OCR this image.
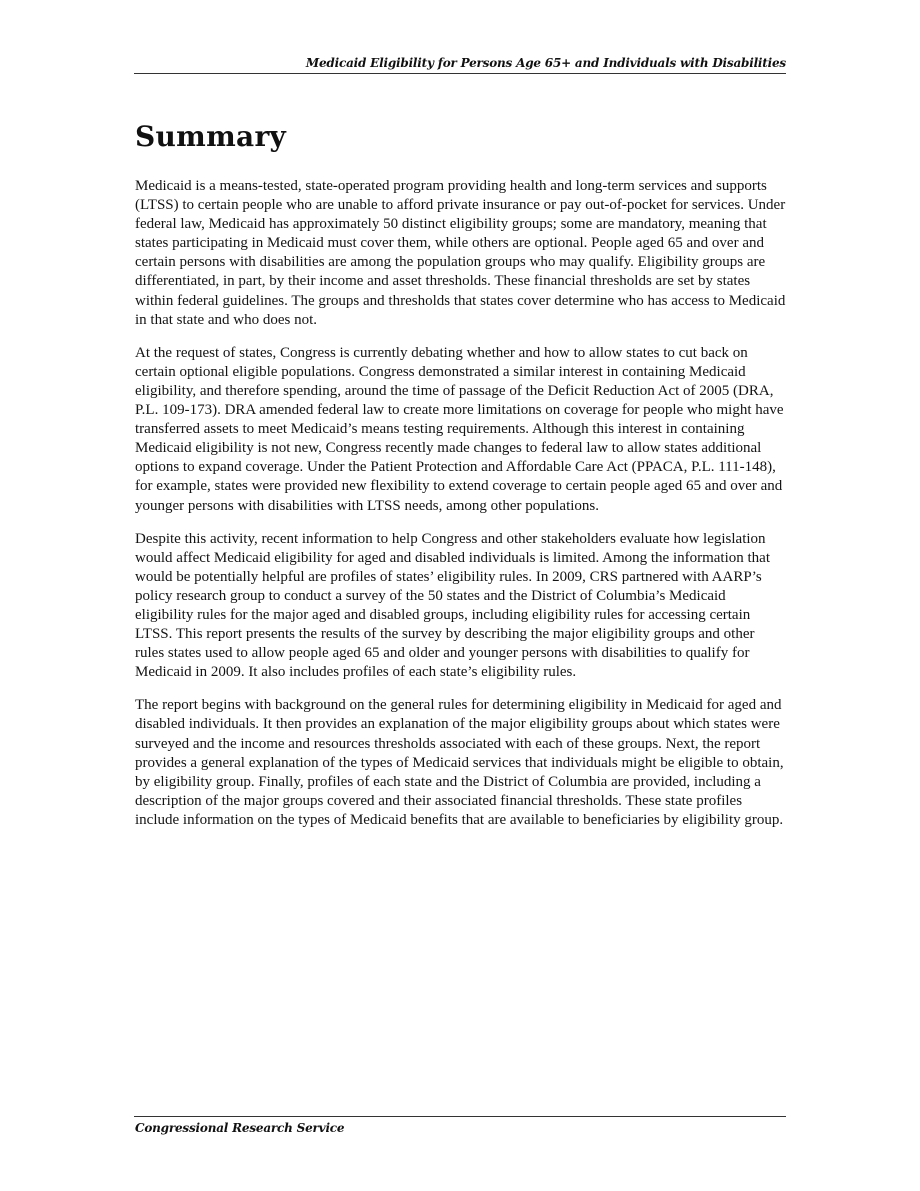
Medicaid Eligibility for Persons Age 65+ and Individuals with Disabilities
Summary

Medicaid is a means-tested, state-operated program providing health and long-term services and supports (LTSS) to certain people who are unable to afford private insurance or pay out-of-pocket for services. Under federal law, Medicaid has approximately 50 distinct eligibility groups; some are mandatory, meaning that states participating in Medicaid must cover them, while others are optional. People aged 65 and over and certain persons with disabilities are among the population groups who may qualify. Eligibility groups are differentiated, in part, by their income and asset thresholds. These financial thresholds are set by states within federal guidelines. The groups and thresholds that states cover determine who has access to Medicaid in that state and who does not.

At the request of states, Congress is currently debating whether and how to allow states to cut back on certain optional eligible populations. Congress demonstrated a similar interest in containing Medicaid eligibility, and therefore spending, around the time of passage of the Deficit Reduction Act of 2005 (DRA, P.L. 109-173). DRA amended federal law to create more limitations on coverage for people who might have transferred assets to meet Medicaid’s means testing requirements. Although this interest in containing Medicaid eligibility is not new, Congress recently made changes to federal law to allow states additional options to expand coverage. Under the Patient Protection and Affordable Care Act (PPACA, P.L. 111-148), for example, states were provided new flexibility to extend coverage to certain people aged 65 and over and younger persons with disabilities with LTSS needs, among other populations.

Despite this activity, recent information to help Congress and other stakeholders evaluate how legislation would affect Medicaid eligibility for aged and disabled individuals is limited. Among the information that would be potentially helpful are profiles of states’ eligibility rules. In 2009, CRS partnered with AARP’s policy research group to conduct a survey of the 50 states and the District of Columbia’s Medicaid eligibility rules for the major aged and disabled groups, including eligibility rules for accessing certain LTSS. This report presents the results of the survey by describing the major eligibility groups and other rules states used to allow people aged 65 and older and younger persons with disabilities to qualify for Medicaid in 2009. It also includes profiles of each state’s eligibility rules.

The report begins with background on the general rules for determining eligibility in Medicaid for aged and disabled individuals. It then provides an explanation of the major eligibility groups about which states were surveyed and the income and resources thresholds associated with each of these groups. Next, the report provides a general explanation of the types of Medicaid services that individuals might be eligible to obtain, by eligibility group. Finally, profiles of each state and the District of Columbia are provided, including a description of the major groups covered and their associated financial thresholds. These state profiles include information on the types of Medicaid benefits that are available to beneficiaries by eligibility group.

Congressional Research Service
